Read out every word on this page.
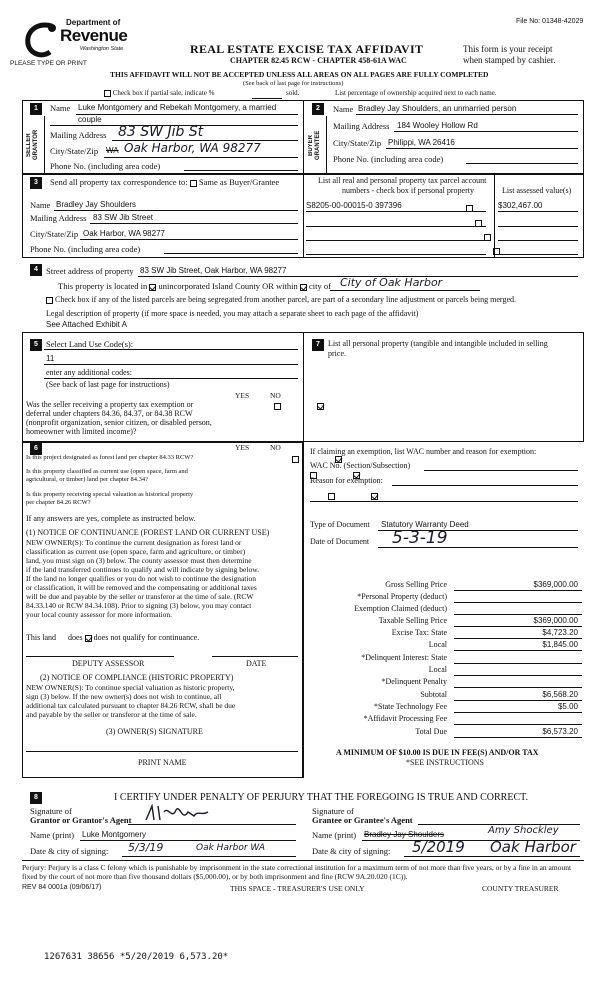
File No: 01348-42029
Department of
Revenue
Washington State
PLEASE TYPE OR PRINT
REAL ESTATE EXCISE TAX AFFIDAVIT
CHAPTER 82.45 RCW - CHAPTER 458-61A WAC
This form is your receipt
when stamped by cashier.
THIS AFFIDAVIT WILL NOT BE ACCEPTED UNLESS ALL AREAS ON ALL PAGES ARE FULLY COMPLETED
(See back of last page for instructions)
Check box if partial sale, indicate %	sold.	List percentage of ownership acquired next to each name.
1
SELLER GRANTOR
Name Luke Montgomery and Rebekah Montgomery, a married
couple
Mailing Address 83 SW Jib St
City/State/Zip WA Oak Harbor, WA 98277
Phone No. (including area code)
2
BUYER GRANTEE
Name Bradley Jay Shoulders, an unmarried person
Mailing Address 184 Wooley Hollow Rd
City/State/Zip Philippi, WA 26416
Phone No. (including area code)
3	Send all property tax correspondence to: Same as Buyer/Grantee
Name Bradley Jay Shoulders
Mailing Address 83 SW Jib Street
City/State/Zip Oak Harbor, WA 98277
Phone No. (including area code)
List all real and personal property tax parcel account
numbers - check box if personal property	List assessed value(s)
S8205-00-00015-0 397396	$302,467.00

4 Street address of property 83 SW Jib Street, Oak Harbor, WA 98277
This property is located in unincorporated Island County OR within city of City of Oak Harbor
Check box if any of the listed parcels are being segregated from another parcel, are part of a secondary line adjustment or parcels being merged.
Legal description of property (if more space is needed, you may attach a separate sheet to each page of the affidavit)
See Attached Exhibit A
5 Select Land Use Code(s):
11
enter any additional codes:
(See back of last page for instructions)
YES	NO
Was the seller receiving a property tax exemption or
deferral under chapters 84.36, 84.37, or 84.38 RCW
(nonprofit organization, senior citizen, or disabled person,
homeowner with limited income)?

7	List all personal property (tangible and intangible included in selling
price.
6	YES	NO
Is this project designated as forest land per chapter 84.33 RCW?

Is this property classified as current use (open space, farm and
agricultural, or timber) land per chapter 84.34?

Is this property receiving special valuation as historical property
per chapter 84.26 RCW?

If any answers are yes, complete as instructed below.
(1) NOTICE OF CONTINUANCE (FOREST LAND OR CURRENT USE)
NEW OWNER(S): To continue the current designation as forest land or
classification as current use (open space, farm and agriculture, or timber)
land, you must sign on (3) below. The county assessor must then determine
if the land transferred continues to qualify and will indicate by signing below.
If the land no longer qualifies or you do not wish to continue the designation
or classification, it will be removed and the compensating or additional taxes
will be due and payable by the seller or transferor at the time of sale. (RCW
84.33.140 or RCW 84.34.108). Prior to signing (3) below, you may contact
your local county assessor for more information.
This land does does not qualify for continuance.
DEPUTY ASSESSOR	DATE
(2) NOTICE OF COMPLIANCE (HISTORIC PROPERTY)
NEW OWNER(S): To continue special valuation as historic property,
sign (3) below. If the new owner(s) does not wish to continue, all
additional tax calculated pursuant to chapter 84.26 RCW, shall be due
and payable by the seller or transferor at the time of sale.
(3) OWNER(S) SIGNATURE
PRINT NAME
If claiming an exemption, list WAC number and reason for exemption:
WAC No. (Section/Subsection)
Reason for exemption:
Type of Document Statutory Warranty Deed
Date of Document 5-3-19
Gross Selling Price	$369,000.00
*Personal Property (deduct)
Exemption Claimed (deduct)
Taxable Selling Price	$369,000.00
Excise Tax: State	$4,723.20
Local	$1,845.00
*Delinquent Interest: State
Local
*Delinquent Penalty
Subtotal	$6,568.20
*State Technology Fee	$5.00
*Affidavit Processing Fee
Total Due	$6,573.20
A MINIMUM OF $10.00 IS DUE IN FEE(S) AND/OR TAX
*SEE INSTRUCTIONS
8	I CERTIFY UNDER PENALTY OF PERJURY THAT THE FOREGOING IS TRUE AND CORRECT.
Signature of
Grantor or Grantor's Agent
Name (print) Luke Montgomery
Date & city of signing: 5/3/19	Oak Harbor WA
Signature of
Grantee or Grantee's Agent
Name (print) Bradley Jay Shoulders	Amy Shockley
Date & city of signing: 5/2019 Oak Harbor
Perjury: Perjury is a class C felony which is punishable by imprisonment in the state correctional institution for a maximum term of not more than five years, or by a fine in an amount fixed by the court of not more than five thousand dollars ($5,000.00), or by both imprisonment and fine (RCW 9A.20.020 (1C)).
REV 84 0001a (09/06/17)	THIS SPACE - TREASURER'S USE ONLY	COUNTY TREASURER
1267631 38656 *5/20/2019 6,573.20*
